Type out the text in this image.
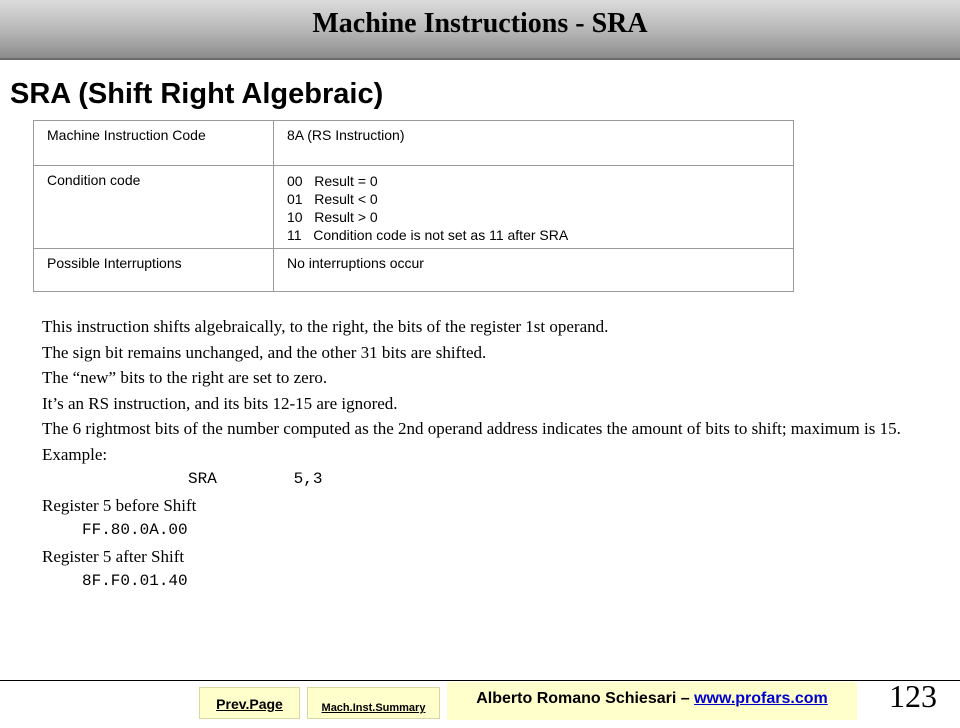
Machine Instructions - SRA
SRA (Shift Right Algebraic)
Machine Instruction Code	8A (RS Instruction)

Condition code	00   Result = 0
01   Result < 0
10   Result > 0
11   Condition code is not set as 11 after SRA

Possible Interruptions	No interruptions occur
This instruction shifts algebraically, to the right, the bits of the register 1st operand.
The sign bit remains unchanged, and the other 31 bits are shifted.
The “new” bits to the right are set to zero.
It’s an RS instruction, and its bits 12-15 are ignored.
The 6 rightmost bits of the number computed as the 2nd operand address indicates the amount of bits to shift; maximum is 15.
Example:
SRA        5,3
Register 5 before Shift
FF.80.0A.00
Register 5 after Shift
8F.F0.01.40
Prev.Page	Mach.Inst.Summary
Alberto Romano Schiesari – www.profars.com	123
